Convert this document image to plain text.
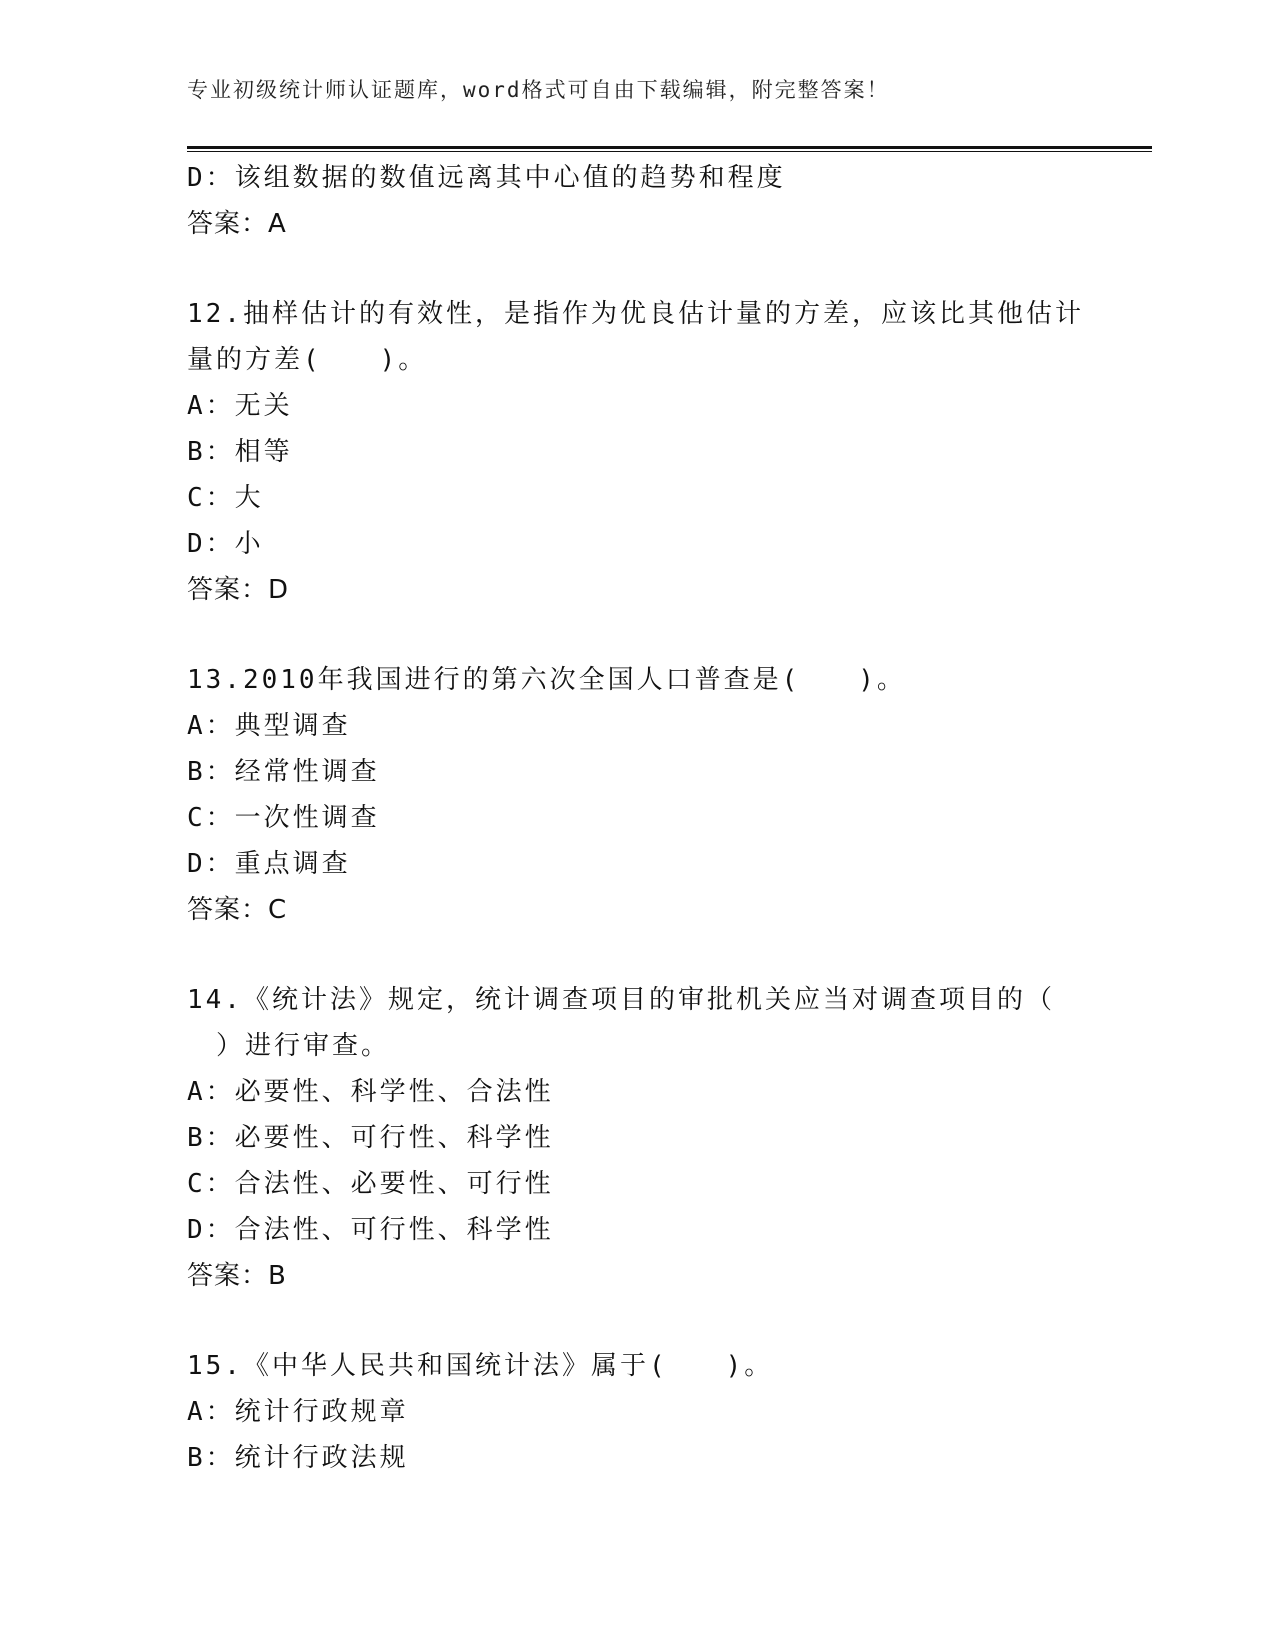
专业初级统计师认证题库，word格式可自由下载编辑，附完整答案！
D：该组数据的数值远离其中心值的趋势和程度
答案：A
12.抽样估计的有效性，是指作为优良估计量的方差，应该比其他估计
量的方差(　　)。
A：无关
B：相等
C：大
D：小
答案：D
13.2010年我国进行的第六次全国人口普查是(　　)。
A：典型调查
B：经常性调查
C：一次性调查
D：重点调查
答案：C
14.《统计法》规定，统计调查项目的审批机关应当对调查项目的（
　）进行审查。
A：必要性、科学性、合法性
B：必要性、可行性、科学性
C：合法性、必要性、可行性
D：合法性、可行性、科学性
答案：B
15.《中华人民共和国统计法》属于(　　)。
A：统计行政规章
B：统计行政法规
